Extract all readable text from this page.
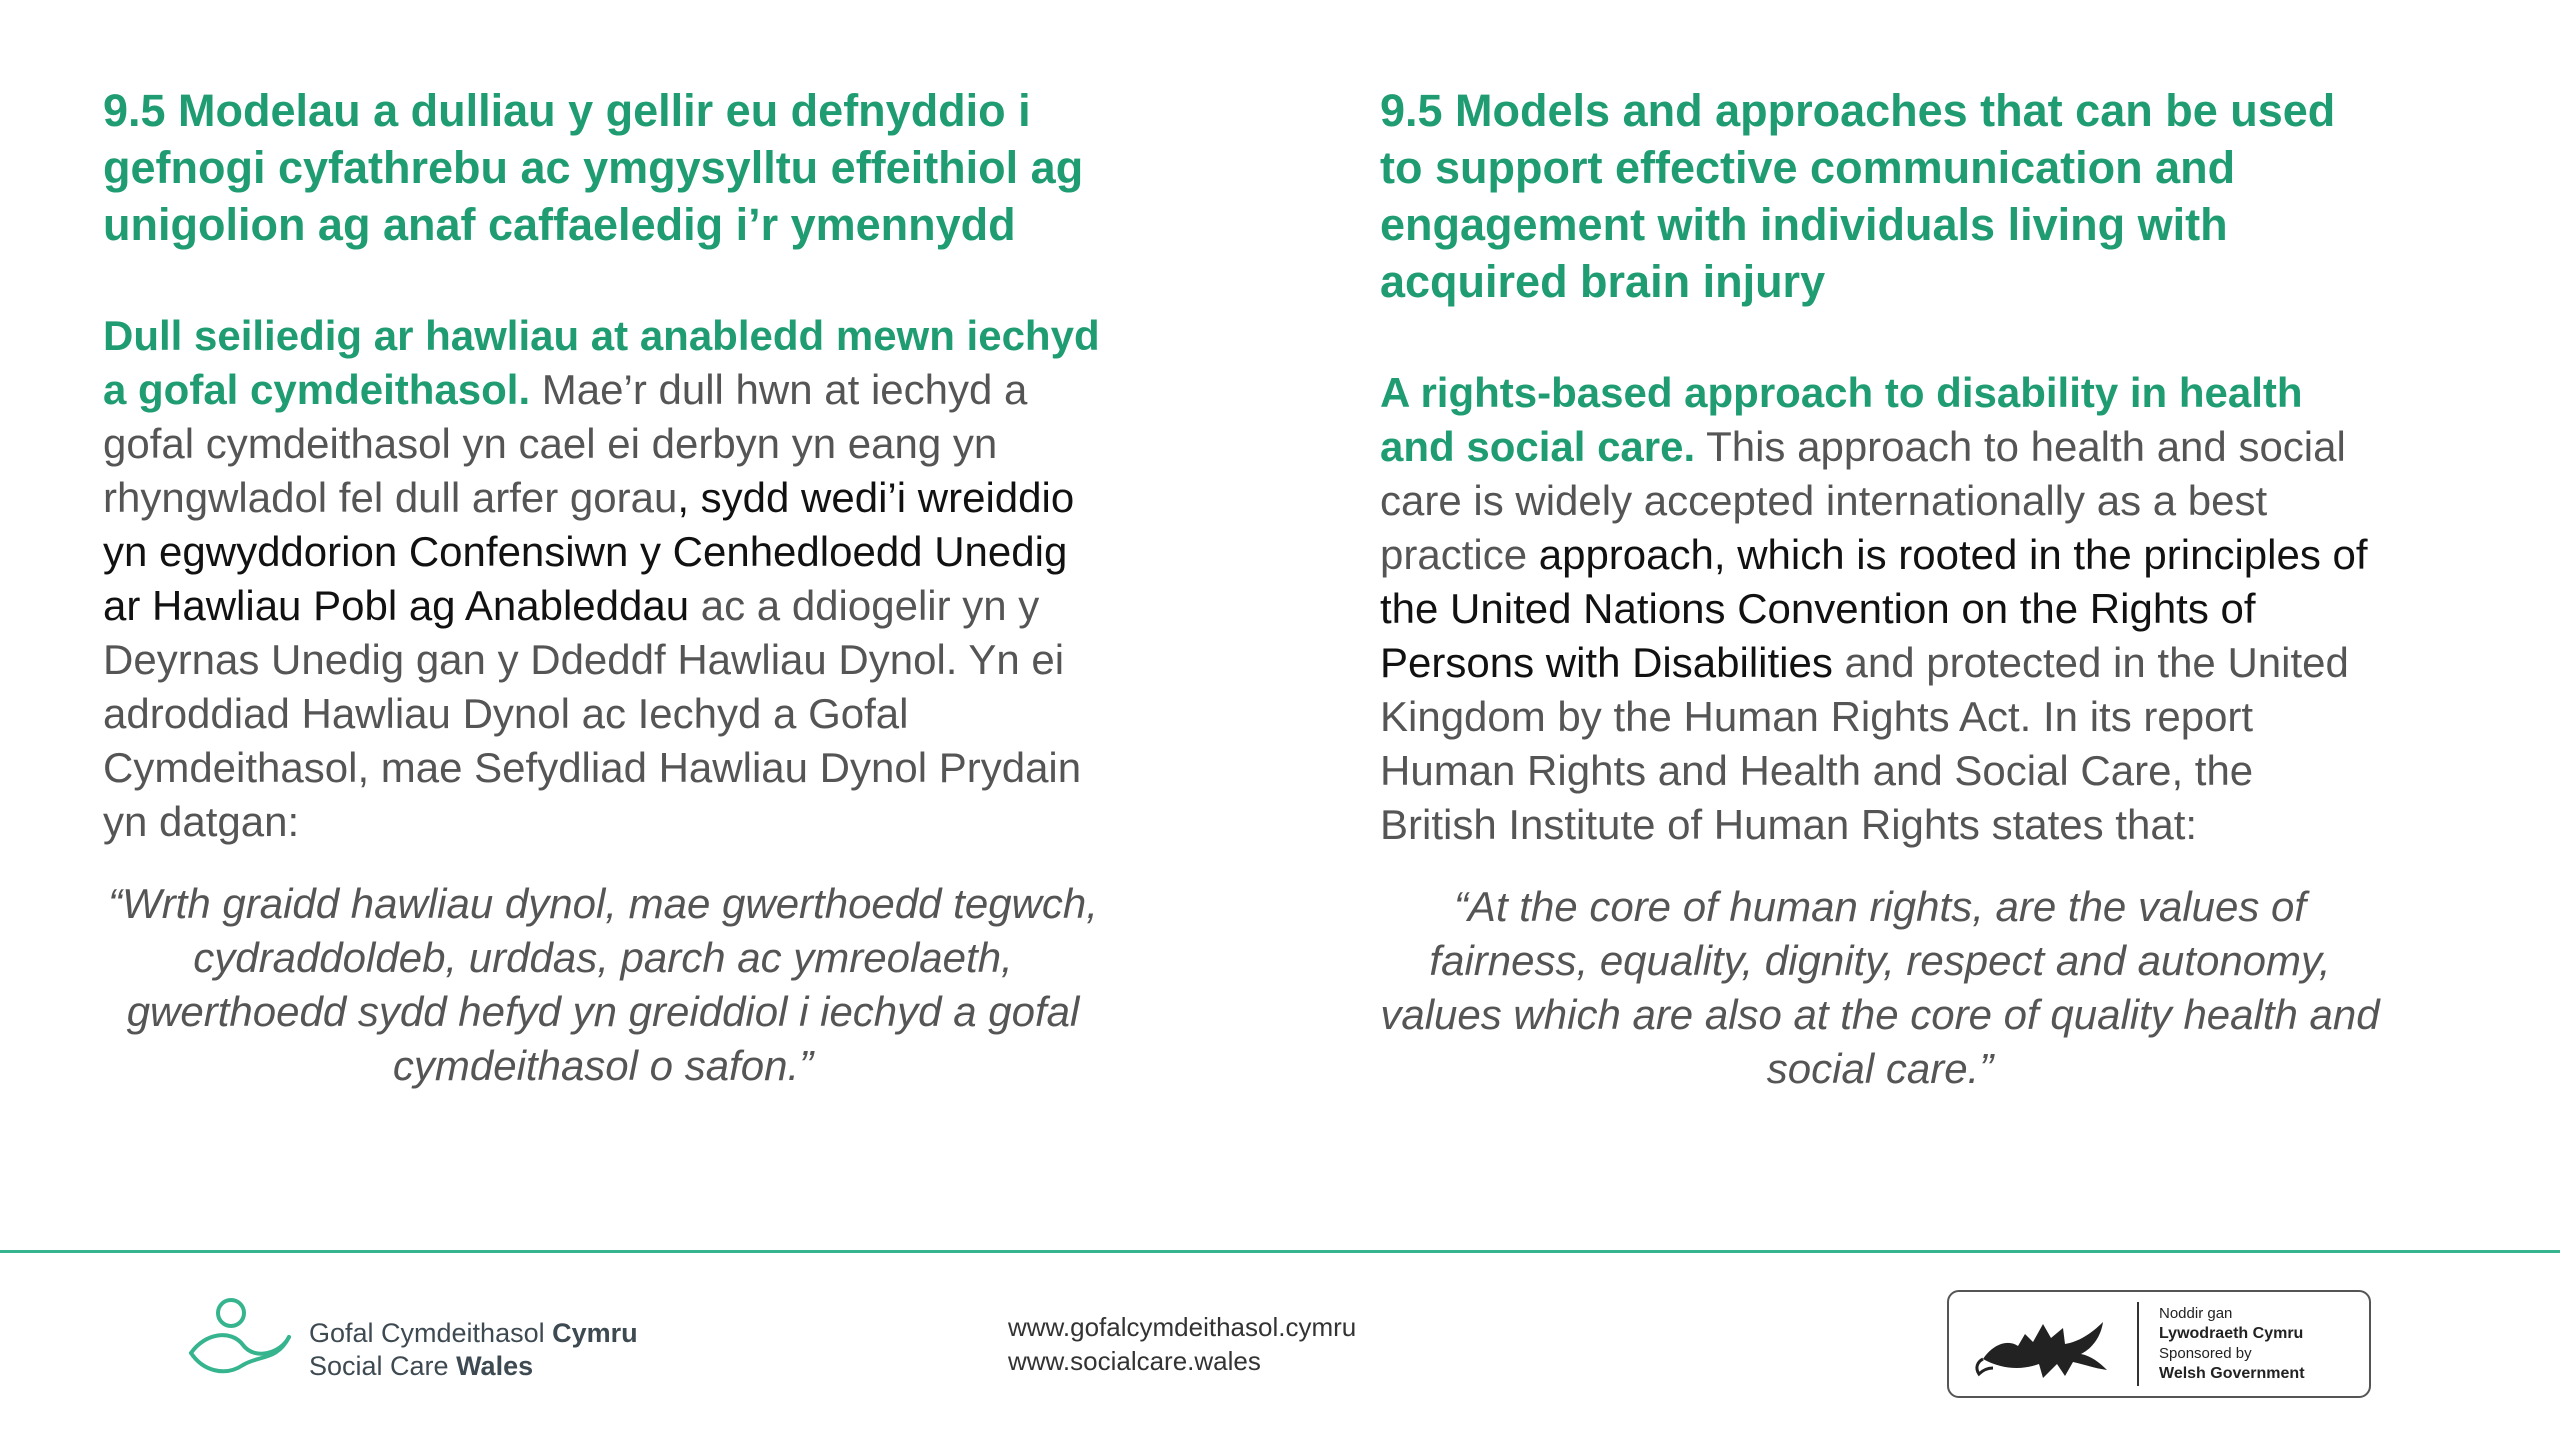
9.5 Modelau a dulliau y gellir eu defnyddio i gefnogi cyfathrebu ac ymgysylltu effeithiol ag unigolion ag anaf caffaeledig i’r ymennydd

Dull seiliedig ar hawliau at anabledd mewn iechyd a gofal cymdeithasol. Mae’r dull hwn at iechyd a gofal cymdeithasol yn cael ei derbyn yn eang yn rhyngwladol fel dull arfer gorau, sydd wedi’i wreiddio yn egwyddorion Confensiwn y Cenhedloedd Unedig ar Hawliau Pobl ag Anableddau ac a ddiogelir yn y Deyrnas Unedig gan y Ddeddf Hawliau Dynol. Yn ei adroddiad Hawliau Dynol ac Iechyd a Gofal Cymdeithasol, mae Sefydliad Hawliau Dynol Prydain yn datgan:

“Wrth graidd hawliau dynol, mae gwerthoedd tegwch, cydraddoldeb, urddas, parch ac ymreolaeth, gwerthoedd sydd hefyd yn greiddiol i iechyd a gofal cymdeithasol o safon.”

9.5 Models and approaches that can be used to support effective communication and engagement with individuals living with acquired brain injury

A rights-based approach to disability in health and social care. This approach to health and social care is widely accepted internationally as a best practice approach, which is rooted in the principles of the United Nations Convention on the Rights of Persons with Disabilities and protected in the United Kingdom by the Human Rights Act. In its report Human Rights and Health and Social Care, the British Institute of Human Rights states that:

“At the core of human rights, are the values of fairness, equality, dignity, respect and autonomy, values which are also at the core of quality health and social care.”

Gofal Cymdeithasol Cymru
Social Care Wales
www.gofalcymdeithasol.cymru
www.socialcare.wales
Noddir gan
Lywodraeth Cymru
Sponsored by
Welsh Government
